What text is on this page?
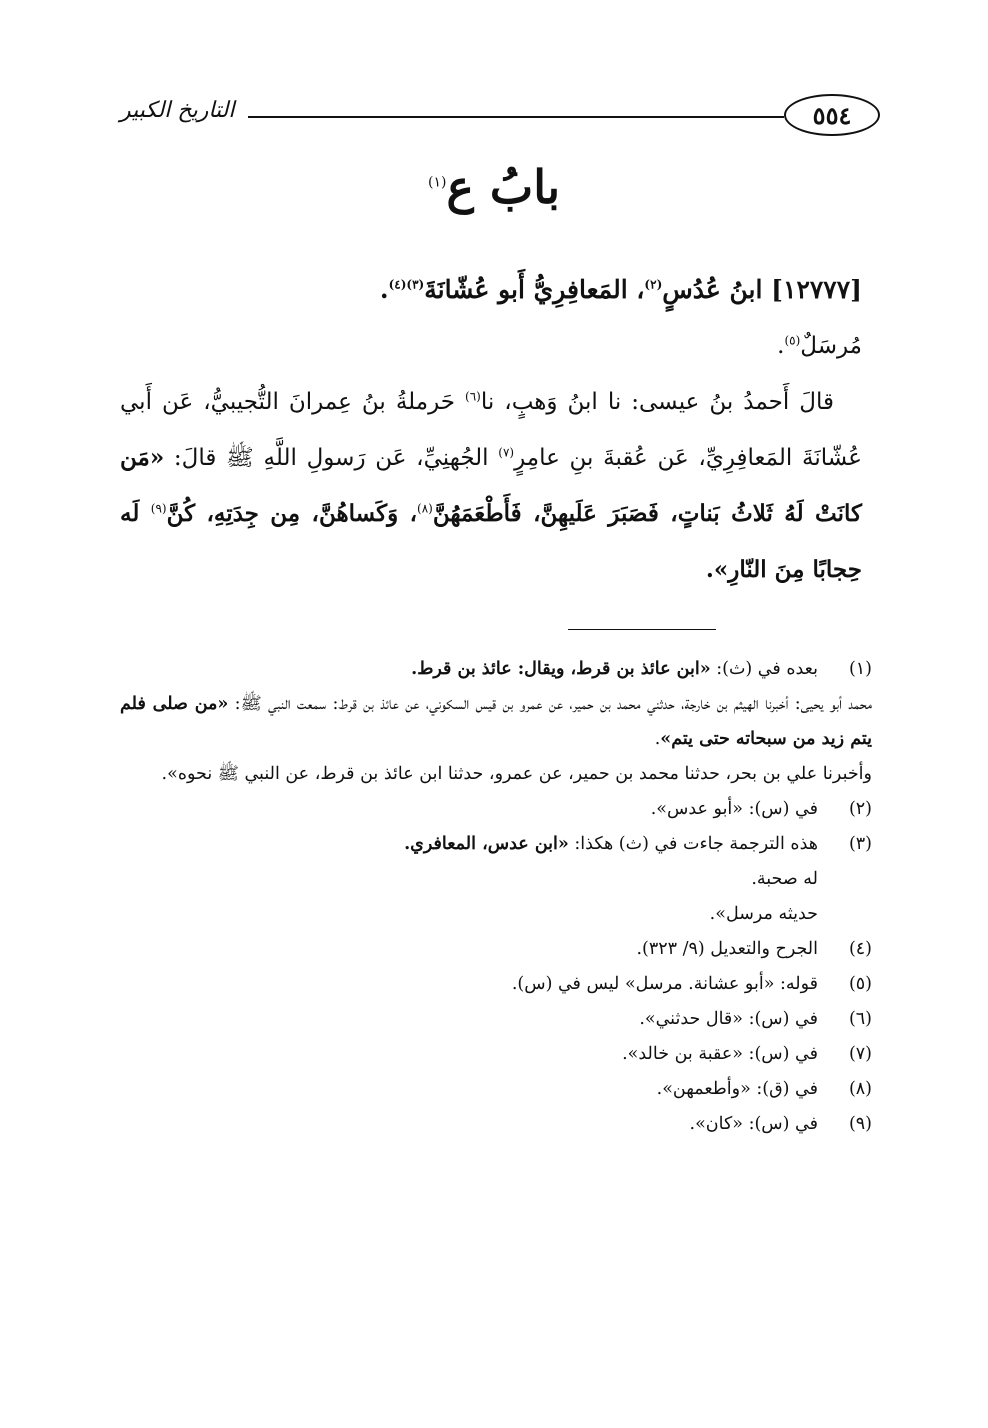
٥٥٤
التاريخ الكبير
بابُ ع$^{(١)}$

[١٢٧٧٧] ابنُ عُدُسٍ$^{(٢)}$، المَعافِرِيُّ أَبو عُشّانَةَ$^{(٣)(٤)}$.

مُرسَلٌ$^{(٥)}$.

قالَ أَحمدُ بنُ عيسى: نا ابنُ وَهبٍ، نا$^{(٦)}$ حَرملةُ بنُ عِمرانَ التُّجيبيُّ، عَن أَبي عُشّانَةَ المَعافِرِيِّ، عَن عُقبةَ بنِ عامِرٍ$^{(٧)}$ الجُهنِيِّ، عَن رَسولِ اللَّهِ ﷺ قالَ: «مَن كانَتْ لَهُ ثَلاثُ بَناتٍ، فَصَبَرَ عَلَيهِنَّ، فَأَطْعَمَهُنَّ$^{(٨)}$، وَكَساهُنَّ، مِن جِدَتِهِ، كُنَّ$^{(٩)}$ لَه حِجابًا مِنَ النّارِ».

(١)

بعده في (ث): «ابن عائذ بن قرط، ويقال: عائذ بن قرط.

محمد أبو يحيى: أخبرنا الهيثم بن خارجة، حدثني محمد بن حمير، عن عمرو بن قيس السكوني، عن عائذ بن قرط: سمعت النبي ﷺ: «من صلى فلم يتم زيد من سبحاته حتى يتم».

وأخبرنا علي بن بحر، حدثنا محمد بن حمير، عن عمرو، حدثنا ابن عائذ بن قرط، عن النبي ﷺ نحوه».

(٢)

في (س): «أبو عدس».

(٣)

هذه الترجمة جاءت في (ث) هكذا: «ابن عدس، المعافري.

له صحبة.

حديثه مرسل».

(٤)

الجرح والتعديل (٩/ ٣٢٣).

(٥)

قوله: «أبو عشانة. مرسل» ليس في (س).

(٦)

في (س): «قال حدثني».

(٧)

في (س): «عقبة بن خالد».

(٨)

في (ق): «وأطعمهن».

(٩)

في (س): «كان».
